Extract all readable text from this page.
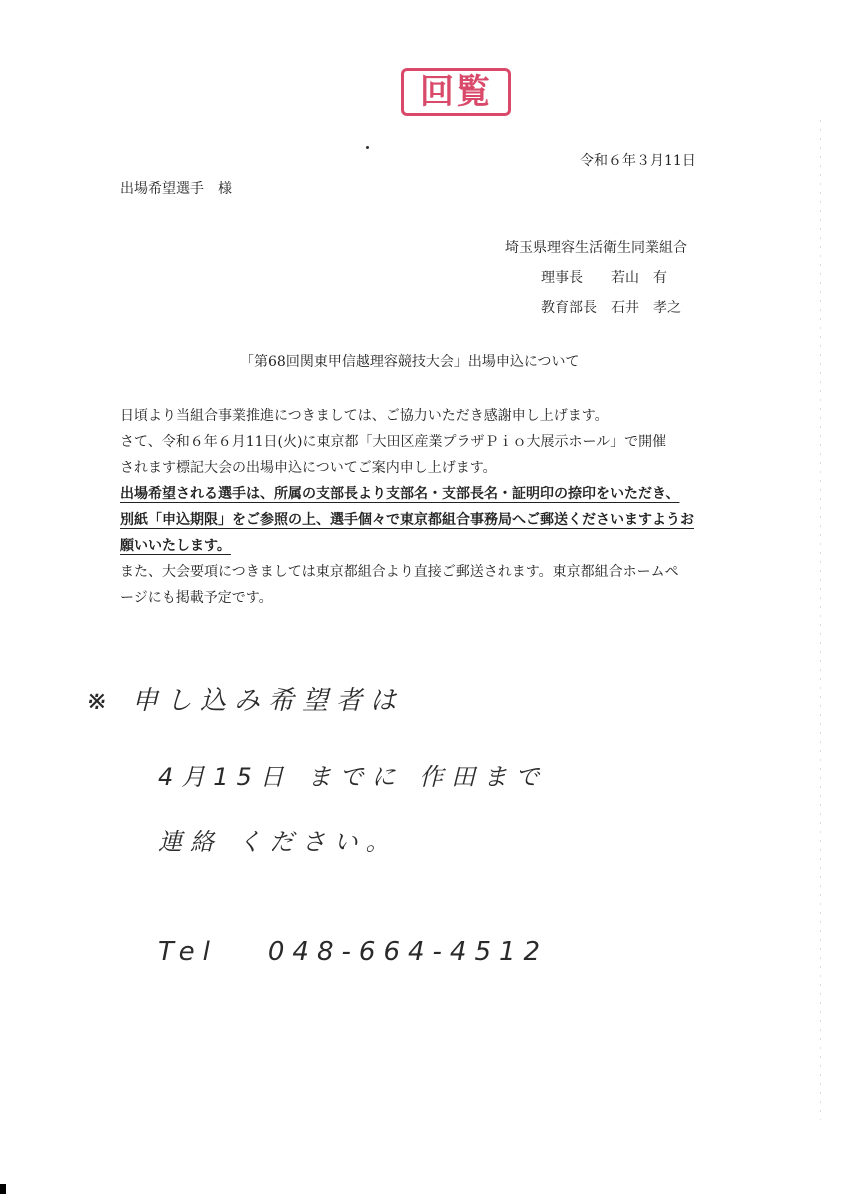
回覧
令和６年３月11日
出場希望選手　様
埼玉県理容生活衛生同業組合
理事長　　若山　有
教育部長　石井　孝之
「第68回関東甲信越理容競技大会」出場申込について

日頃より当組合事業推進につきましては、ご協力いただき感謝申し上げます。

さて、令和６年６月11日(火)に東京都「大田区産業プラザＰｉｏ大展示ホール」で開催

されます標記大会の出場申込についてご案内申し上げます。

出場希望される選手は、所属の支部長より支部名・支部長名・証明印の捺印をいただき、

別紙「申込期限」をご参照の上、選手個々で東京都組合事務局へご郵送くださいますようお

願いいたします。

また、大会要項につきましては東京都組合より直接ご郵送されます。東京都組合ホームペ

ージにも掲載予定です。

※ 申し込み希望者は
4月15日 までに 作田まで
連絡 ください。
Tel 048-664-4512
